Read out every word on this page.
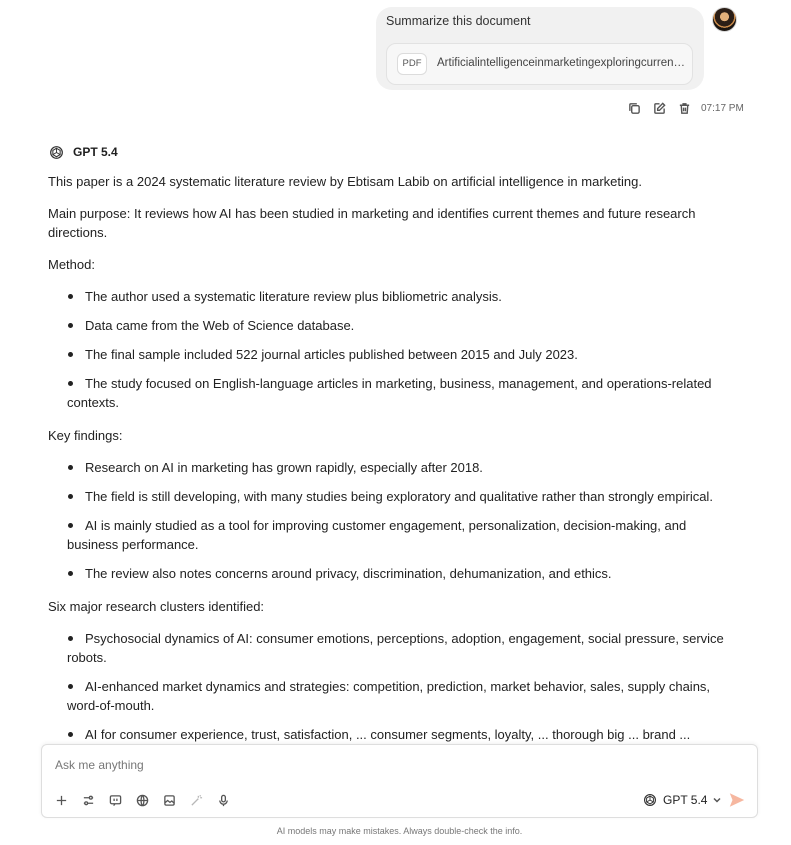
Summarize this document
PDF	Artificialintelligenceinmarketingexploringcurren…
07:17 PM
GPT 5.4

This paper is a 2024 systematic literature review by Ebtisam Labib on artificial intelligence in marketing.

Main purpose: It reviews how AI has been studied in marketing and identifies current themes and future research directions.

Method:

The author used a systematic literature review plus bibliometric analysis.
Data came from the Web of Science database.
The final sample included 522 journal articles published between 2015 and July 2023.
The study focused on English-language articles in marketing, business, management, and operations-related contexts.

Key findings:

Research on AI in marketing has grown rapidly, especially after 2018.
The field is still developing, with many studies being exploratory and qualitative rather than strongly empirical.
AI is mainly studied as a tool for improving customer engagement, personalization, decision-making, and business performance.
The review also notes concerns around privacy, discrimination, dehumanization, and ethics.

Six major research clusters identified:

Psychosocial dynamics of AI: consumer emotions, perceptions, adoption, engagement, social pressure, service robots.
AI-enhanced market dynamics and strategies: competition, prediction, market behavior, sales, supply chains, word-of-mouth.
AI for consumer experience, trust, satisfaction, ... consumer segments, loyalty, ... thorough big ... brand ...
Ask me anything
GPT 5.4
AI models may make mistakes. Always double-check the info.
